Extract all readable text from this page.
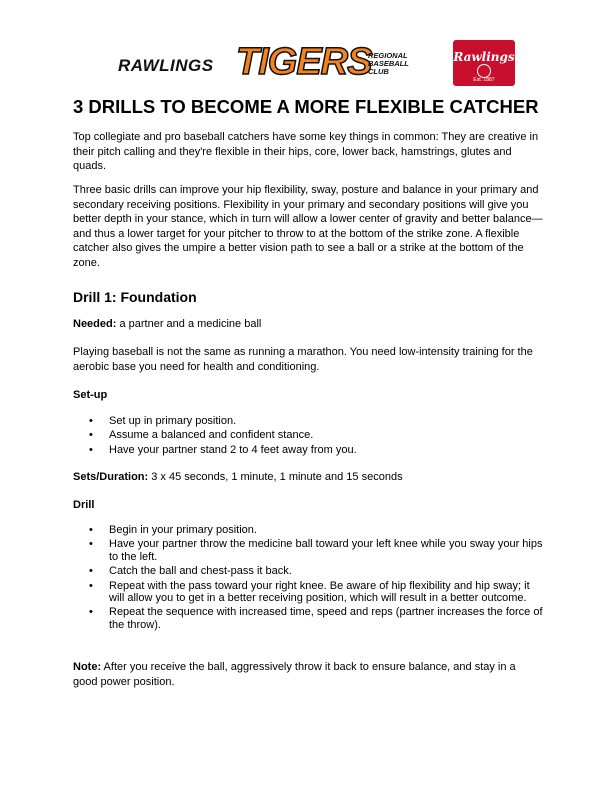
RAWLINGS TIGERS
REGIONAL
BASEBALL
CLUB
Rawlings
Est. 1887
3 DRILLS TO BECOME A MORE FLEXIBLE CATCHER

Top collegiate and pro baseball catchers have some key things in common: They are creative in their pitch calling and they're flexible in their hips, core, lower back, hamstrings, glutes and quads.

Three basic drills can improve your hip flexibility, sway, posture and balance in your primary and secondary receiving positions. Flexibility in your primary and secondary positions will give you better depth in your stance, which in turn will allow a lower center of gravity and better balance—and thus a lower target for your pitcher to throw to at the bottom of the strike zone. A flexible catcher also gives the umpire a better vision path to see a ball or a strike at the bottom of the zone.

Drill 1: Foundation

Needed: a partner and a medicine ball

Playing baseball is not the same as running a marathon. You need low-intensity training for the aerobic base you need for health and conditioning.

Set-up

• Set up in primary position.
• Assume a balanced and confident stance.
• Have your partner stand 2 to 4 feet away from you.

Sets/Duration: 3 x 45 seconds, 1 minute, 1 minute and 15 seconds

Drill

• Begin in your primary position.
• Have your partner throw the medicine ball toward your left knee while you sway your hips to the left.
• Catch the ball and chest-pass it back.
• Repeat with the pass toward your right knee. Be aware of hip flexibility and hip sway; it will allow you to get in a better receiving position, which will result in a better outcome.
• Repeat the sequence with increased time, speed and reps (partner increases the force of the throw).

Note: After you receive the ball, aggressively throw it back to ensure balance, and stay in a good power position.
